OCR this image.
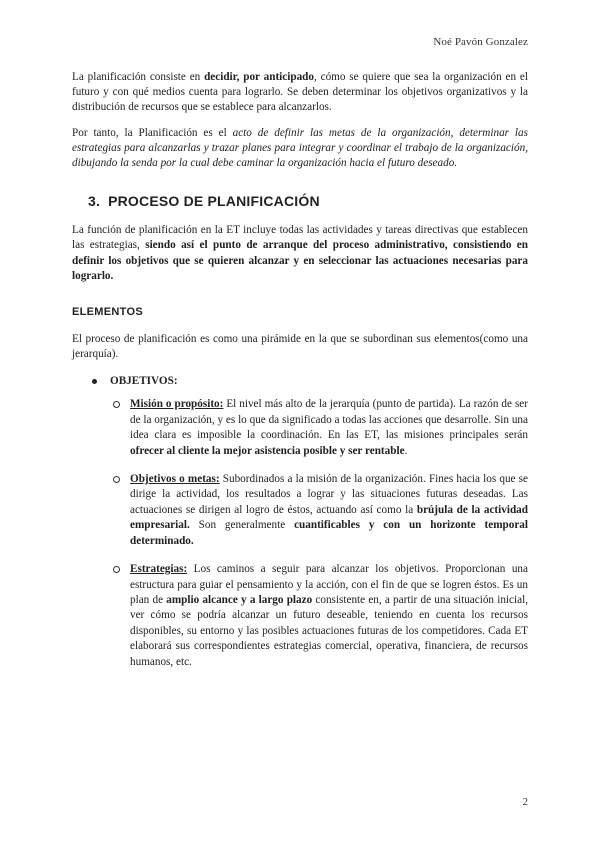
Noé Pavón Gonzalez

La planificación consiste en decidir, por anticipado, cómo se quiere que sea la organización en el futuro y con qué medios cuenta para lograrlo. Se deben determinar los objetivos organizativos y la distribución de recursos que se establece para alcanzarlos.

Por tanto, la Planificación es el acto de definir las metas de la organización, determinar las estrategias para alcanzarlas y trazar planes para integrar y coordinar el trabajo de la organización, dibujando la senda por la cual debe caminar la organización hacia el futuro deseado.

3. PROCESO DE PLANIFICACIÓN

La función de planificación en la ET incluye todas las actividades y tareas directivas que establecen las estrategias, siendo así el punto de arranque del proceso administrativo, consistiendo en definir los objetivos que se quieren alcanzar y en seleccionar las actuaciones necesarias para lograrlo.

ELEMENTOS

El proceso de planificación es como una pirámide en la que se subordinan sus elementos(como una jerarquía).

OBJETIVOS:

Misión o propósito: El nivel más alto de la jerarquía (punto de partida). La razón de ser de la organización, y es lo que da significado a todas las acciones que desarrolle. Sin una idea clara es imposible la coordinación. En las ET, las misiones principales serán ofrecer al cliente la mejor asistencia posible y ser rentable.

Objetivos o metas: Subordinados a la misión de la organización. Fines hacia los que se dirige la actividad, los resultados a lograr y las situaciones futuras deseadas. Las actuaciones se dirigen al logro de éstos, actuando así como la brújula de la actividad empresarial. Son generalmente cuantificables y con un horizonte temporal determinado.

Estrategias: Los caminos a seguir para alcanzar los objetivos. Proporcionan una estructura para guiar el pensamiento y la acción, con el fin de que se logren éstos. Es un plan de amplio alcance y a largo plazo consistente en, a partir de una situación inicial, ver cómo se podría alcanzar un futuro deseable, teniendo en cuenta los recursos disponibles, su entorno y las posibles actuaciones futuras de los competidores. Cada ET elaborará sus correspondientes estrategias comercial, operativa, financiera, de recursos humanos, etc.

2
